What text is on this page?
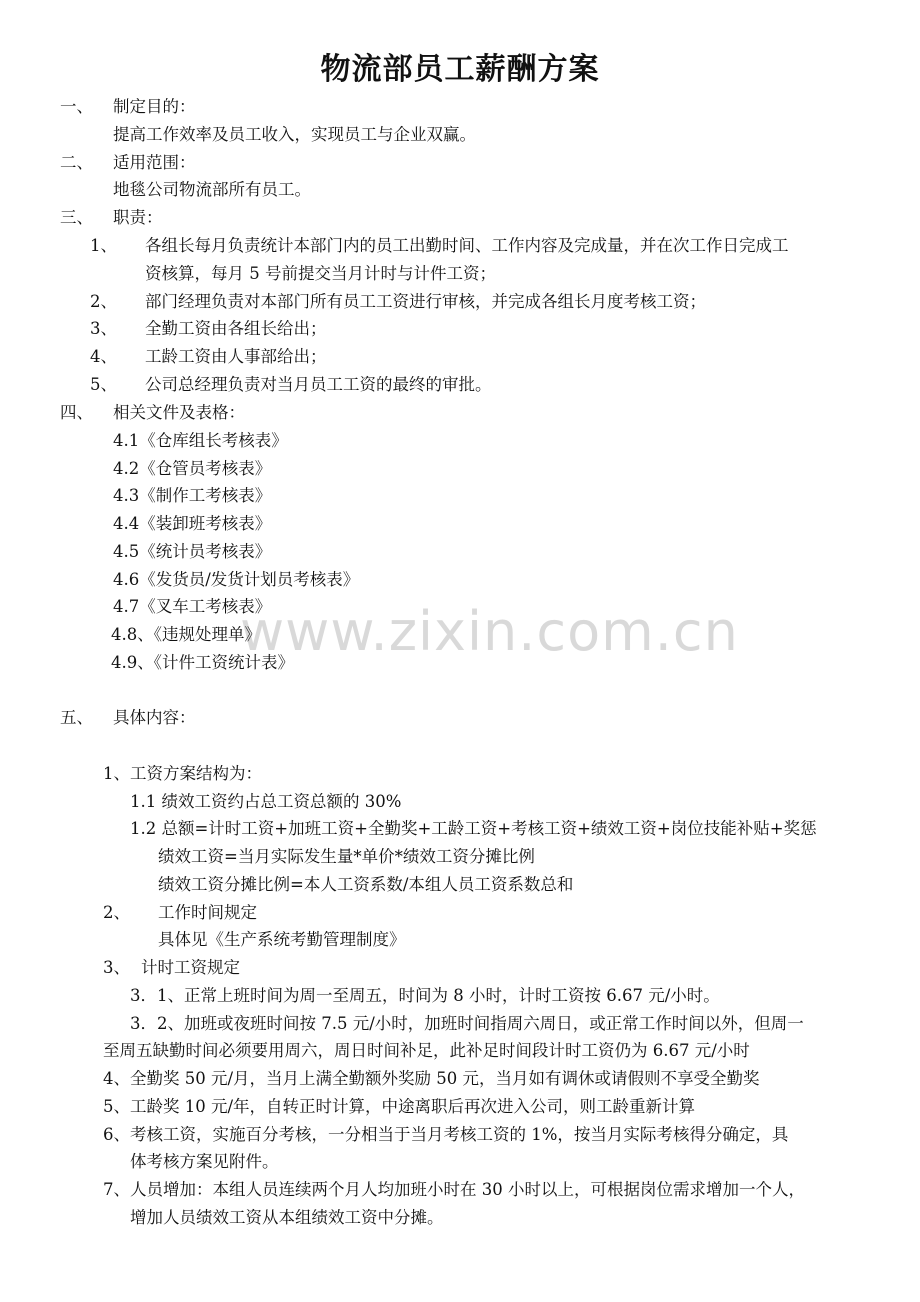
www.zixin.com.cn
物流部员工薪酬方案
一、 制定目的：
提高工作效率及员工收入，实现员工与企业双赢。
二、 适用范围：
地毯公司物流部所有员工。
三、 职责：
1、 各组长每月负责统计本部门内的员工出勤时间、工作内容及完成量，并在次工作日完成工
资核算，每月 5 号前提交当月计时与计件工资；
2、 部门经理负责对本部门所有员工工资进行审核，并完成各组长月度考核工资；
3、 全勤工资由各组长给出；
4、 工龄工资由人事部给出；
5、 公司总经理负责对当月员工工资的最终的审批。
四、 相关文件及表格：
4.1《仓库组长考核表》
4.2《仓管员考核表》
4.3《制作工考核表》
4.4《装卸班考核表》
4.5《统计员考核表》
4.6《发货员/发货计划员考核表》
4.7《叉车工考核表》
4.8、《违规处理单》
4.9、《计件工资统计表》
五、 具体内容：
1、工资方案结构为：
1.1 绩效工资约占总工资总额的 30%
1.2 总额=计时工资+加班工资+全勤奖+工龄工资+考核工资+绩效工资+岗位技能补贴+奖惩
绩效工资=当月实际发生量*单价*绩效工资分摊比例
绩效工资分摊比例=本人工资系数/本组人员工资系数总和
2、 工作时间规定
具体见《生产系统考勤管理制度》
3、 计时工资规定
3．1、正常上班时间为周一至周五，时间为 8 小时，计时工资按 6.67 元/小时。
3．2、加班或夜班时间按 7.5 元/小时，加班时间指周六周日，或正常工作时间以外，但周一
至周五缺勤时间必须要用周六，周日时间补足，此补足时间段计时工资仍为 6.67 元/小时
4、全勤奖 50 元/月，当月上满全勤额外奖励 50 元，当月如有调休或请假则不享受全勤奖
5、工龄奖 10 元/年，自转正时计算，中途离职后再次进入公司，则工龄重新计算
6、考核工资，实施百分考核，一分相当于当月考核工资的 1%，按当月实际考核得分确定，具
体考核方案见附件。
7、人员增加：本组人员连续两个月人均加班小时在 30 小时以上，可根据岗位需求增加一个人，
增加人员绩效工资从本组绩效工资中分摊。
